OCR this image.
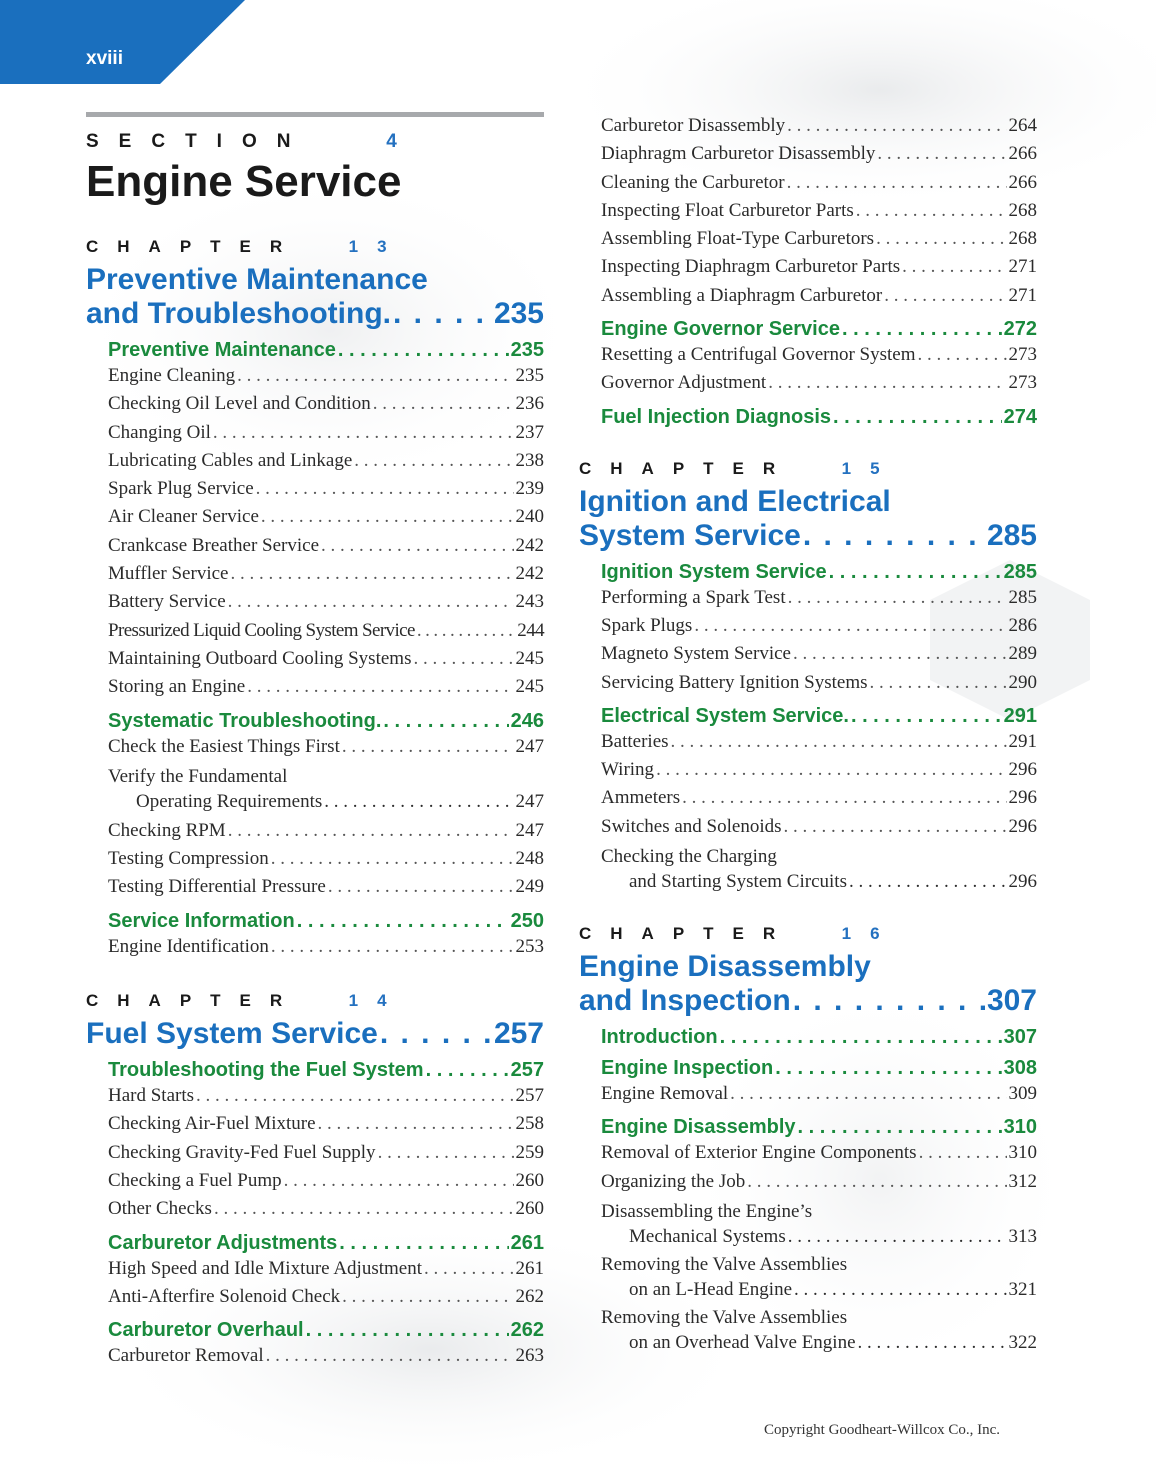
xviii
SECTION	4
Engine Service
CHAPTER	13
Preventive Maintenance
and Troubleshooting. . . .	235
Preventive Maintenance . . .	235
Engine Cleaning . . .	235
Checking Oil Level and Condition . . .	236
Changing Oil . . .	237
Lubricating Cables and Linkage . . .	238
Spark Plug Service . . .	239
Air Cleaner Service . . .	240
Crankcase Breather Service . . .	242
Muffler Service . . .	242
Battery Service . . .	243
Pressurized Liquid Cooling System Service . . .	244
Maintaining Outboard Cooling Systems . . .	245
Storing an Engine . . .	245
Systematic Troubleshooting. . . .	246
Check the Easiest Things First . . .	247
Verify the Fundamental
Operating Requirements . . .	247
Checking RPM . . .	247
Testing Compression . . .	248
Testing Differential Pressure . . .	249
Service Information . . .	250
Engine Identification . . .	253
CHAPTER	14
Fuel System Service . . .	257
Troubleshooting the Fuel System . . .	257
Hard Starts . . .	257
Checking Air-Fuel Mixture . . .	258
Checking Gravity-Fed Fuel Supply . . .	259
Checking a Fuel Pump . . .	260
Other Checks . . .	260
Carburetor Adjustments . . .	261
High Speed and Idle Mixture Adjustment . . .	261
Anti-Afterfire Solenoid Check . . .	262
Carburetor Overhaul . . .	262
Carburetor Removal . . .	263
Carburetor Disassembly . . .	264
Diaphragm Carburetor Disassembly . . .	266
Cleaning the Carburetor . . .	266
Inspecting Float Carburetor Parts . . .	268
Assembling Float-Type Carburetors . . .	268
Inspecting Diaphragm Carburetor Parts . . .	271
Assembling a Diaphragm Carburetor . . .	271
Engine Governor Service . . .	272
Resetting a Centrifugal Governor System . . .	273
Governor Adjustment . . .	273
Fuel Injection Diagnosis . . .	274
CHAPTER	15
Ignition and Electrical
System Service . . .	285
Ignition System Service . . .	285
Performing a Spark Test . . .	285
Spark Plugs . . .	286
Magneto System Service . . .	289
Servicing Battery Ignition Systems . . .	290
Electrical System Service. . . .	291
Batteries . . .	291
Wiring . . .	296
Ammeters . . .	296
Switches and Solenoids . . .	296
Checking the Charging
and Starting System Circuits . . .	296
CHAPTER	16
Engine Disassembly
and Inspection . . .	307
Introduction . . .	307
Engine Inspection . . .	308
Engine Removal . . .	309
Engine Disassembly . . .	310
Removal of Exterior Engine Components . . .	310
Organizing the Job . . .	312
Disassembling the Engine’s
Mechanical Systems . . .	313
Removing the Valve Assemblies
on an L-Head Engine . . .	321
Removing the Valve Assemblies
on an Overhead Valve Engine . . .	322
Copyright Goodheart-Willcox Co., Inc.
